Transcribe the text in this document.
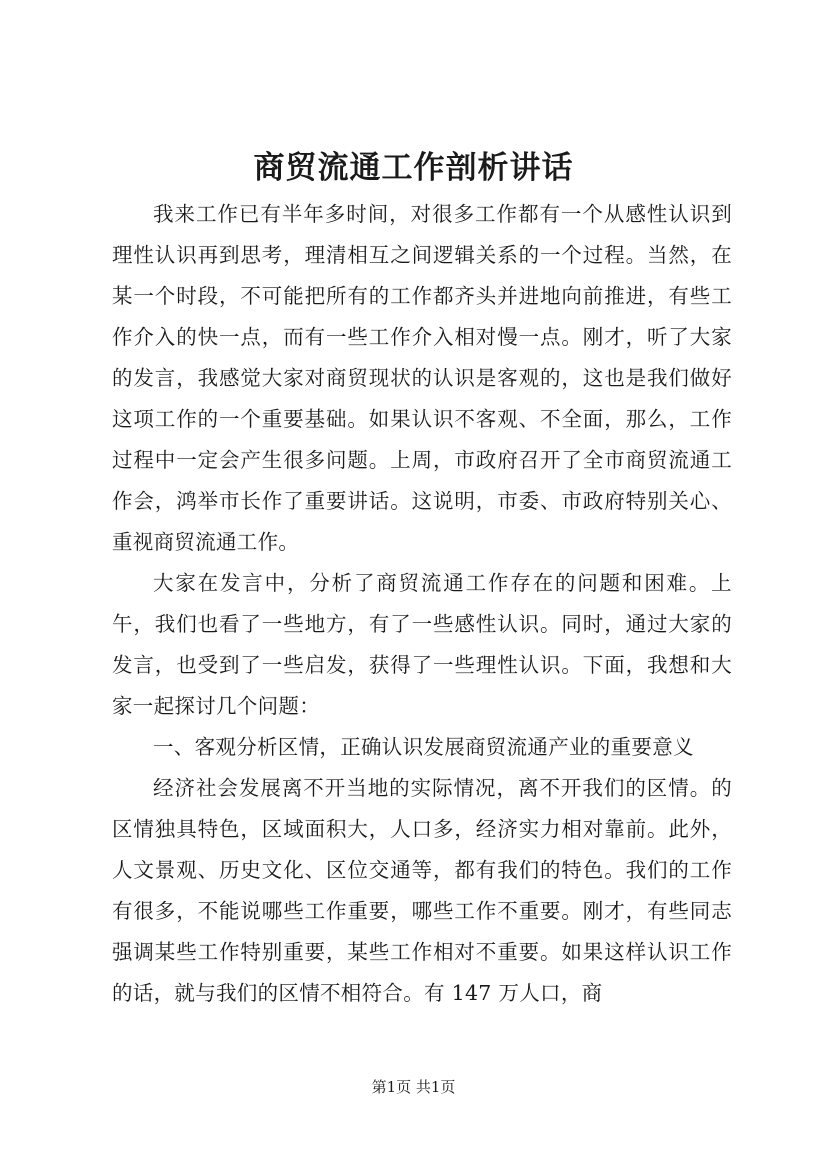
商贸流通工作剖析讲话

我来工作已有半年多时间，对很多工作都有一个从感性认识到理性认识再到思考，理清相互之间逻辑关系的一个过程。当然，在某一个时段，不可能把所有的工作都齐头并进地向前推进，有些工作介入的快一点，而有一些工作介入相对慢一点。刚才，听了大家的发言，我感觉大家对商贸现状的认识是客观的，这也是我们做好这项工作的一个重要基础。如果认识不客观、不全面，那么，工作过程中一定会产生很多问题。上周，市政府召开了全市商贸流通工作会，鸿举市长作了重要讲话。这说明，市委、市政府特别关心、重视商贸流通工作。

大家在发言中，分析了商贸流通工作存在的问题和困难。上午，我们也看了一些地方，有了一些感性认识。同时，通过大家的发言，也受到了一些启发，获得了一些理性认识。下面，我想和大家一起探讨几个问题：

一、客观分析区情，正确认识发展商贸流通产业的重要意义

经济社会发展离不开当地的实际情况，离不开我们的区情。的区情独具特色，区域面积大，人口多，经济实力相对靠前。此外，人文景观、历史文化、区位交通等，都有我们的特色。我们的工作有很多，不能说哪些工作重要，哪些工作不重要。刚才，有些同志强调某些工作特别重要，某些工作相对不重要。如果这样认识工作的话，就与我们的区情不相符合。有 147 万人口，商

第1页 共1页
